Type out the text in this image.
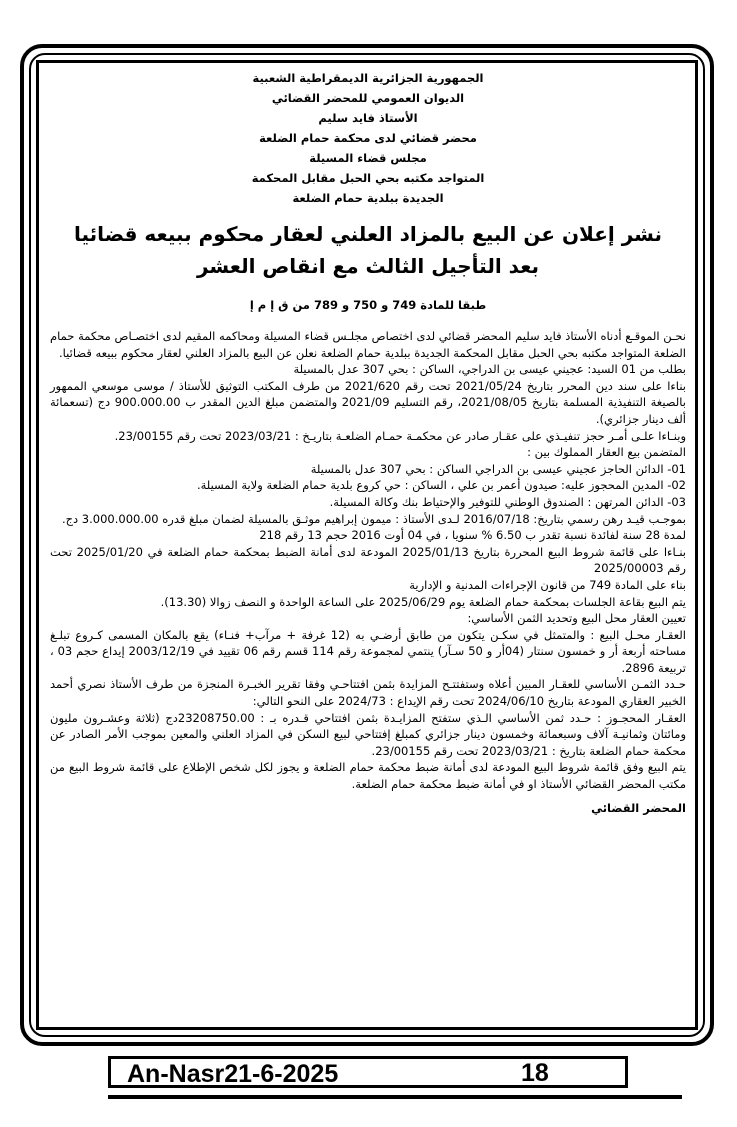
الجمهورية الجزائرية الديمقراطية الشعبية
الديوان العمومي للمحضر القضائي
الأستاذ فايد سليم
محضر قضائي لدى محكمة حمام الضلعة
مجلس قضاء المسيلة
المتواجد مكتبه بحي الحبل مقابل المحكمة
الجديدة ببلدية حمام الضلعة
نشر إعلان عن البيع بالمزاد العلني لعقار محكوم ببيعه قضائيا
بعد التأجيل الثالث مع انقاص العشر
طبقا للمادة 749 و 750 و 789 من ق إ م إ

نحـن الموقـع أدناه الأستاذ فايد سليم المحضر قضائي لدى اختصاص مجلـس قضاء المسيلة ومحاكمه المقيم لدى اختصـاص محكمة حمام الضلعة المتواجد مكتبه بحي الحبل مقابل المحكمة الجديدة ببلدية حمام الضلعة نعلن عن البيع بالمزاد العلني لعقار محكوم ببيعه قضائيا.

بطلب من 01 السيد: عجيني عيسى بن الدراجي، الساكن : بحي 307 عدل بالمسيلة

بناءا على سند دين المحرر بتاريخ 2021/05/24 تحت رقم 2021/620 من طرف المكتب التوثيق للأستاذ / موسى موسعي الممهور بالصيغة التنفيذية المسلمة بتاريخ 2021/08/05، رقم التسليم 2021/09 والمتضمن مبلغ الدين المقدر ب 900.000.00 دج (تسعمائة ألف دينار جزائري).

وبنـاءا علـى أمـر حجز تنفيـذي على عقـار صادر عن محكمـة حمـام الضلعـة بتاريـخ : 2023/03/21 تحت رقم 23/00155.

المتضمن بيع العقار المملوك بين :

01- الدائن الحاجز عجيني عيسى بن الدراجي الساكن : بحي 307 عدل بالمسيلة

02- المدين المحجوز عليه: صيدون أعمر بن علي ، الساكن : حي كروع بلدية حمام الضلعة ولاية المسيلة.

03- الدائن المرتهن : الصندوق الوطني للتوفير والإحتياط بنك وكالة المسيلة.

بموجـب قيـد رهن رسمي بتاريخ: 2016/07/18 لـدى الأستاذ : ميمون إبراهيم موثـق بالمسيلة لضمان مبلغ قدره 3.000.000.00 دج.

لمدة 28 سنة لفائدة نسبة تقدر ب 6.50 % سنويا ، في 04 أوت 2016 حجم 13 رقم 218

بنـاءا على قائمة شروط البيع المحررة بتاريخ 2025/01/13 المودعة لدى أمانة الضبط بمحكمة حمام الضلعة في 2025/01/20 تحت رقم 2025/00003

بناء على المادة 749 من قانون الإجراءات المدنية و الإدارية

يتم البيع بقاعة الجلسات بمحكمة حمام الضلعة يوم 2025/06/29 على الساعة الواحدة و النصف زوالا (13.30).

تعيين العقار محل البيع وتحديد الثمن الأساسي:

العقـار محـل البيع : والمتمثل في سكـن يتكون من طابق أرضـي به (12 غرفة + مرآب+ فنـاء) يقع بالمكان المسمى كـروع تبلـغ مساحته أربعة أر و خمسون سنتار (04أر و 50 سـآر) ينتمي لمجموعة رقم 114 قسم رقم 06 تقييد في 2003/12/19 إيداع حجم 03 ، تربيعة 2896.

حـدد الثمـن الأساسي للعقـار المبين أعلاه وستفتتـح المزايدة بثمن افتتاحـي وفقا تقرير الخبـرة المنجزة من طرف الأستاذ نصري أحمد الخبير العقاري المودعة بتاريخ 2024/06/10 تحت رقم الإيداع : 2024/73 على النحو التالي:

العقـار المحجـوز : حـدد ثمن الأساسي الـذي ستفتح المزايـدة بثمن افتتاحي قـدره بـ : 23208750.00دج (ثلاثة وعشـرون مليون ومائتان وثمانيـة آلاف وسبعمائة وخمسون دينار جزائري كمبلغ إفتتاحي لبيع السكن في المزاد العلني والمعين بموجب الأمر الصادر عن محكمة حمام الضلعة بتاريخ : 2023/03/21 تحت رقم 23/00155.

يتم البيع وفق قائمة شروط البيع المودعة لدى أمانة ضبط محكمة حمام الضلعة و يجوز لكل شخص الإطلاع على قائمة شروط البيع من مكتب المحضر القضائي الأستاذ او في أمانة ضبط محكمة حمام الضلعة.

المحضر القضائي
An-Nasr21-6-2025	18
